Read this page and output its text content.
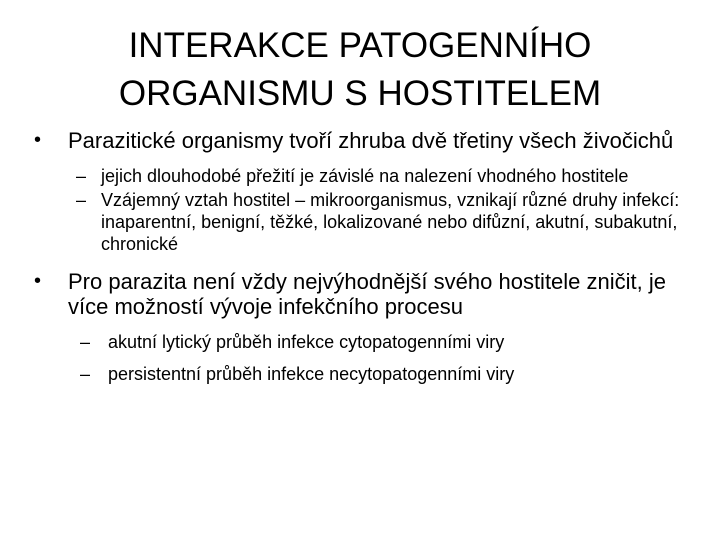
INTERAKCE PATOGENNÍHO
ORGANISMU S HOSTITELEM
• Parazitické organismy tvoří zhruba dvě třetiny všech živočichů
– jejich dlouhodobé přežití je závislé na nalezení vhodného hostitele
– Vzájemný vztah hostitel – mikroorganismus, vznikají různé druhy infekcí: inaparentní, benigní, těžké, lokalizované nebo difůzní, akutní, subakutní, chronické
• Pro parazita není vždy nejvýhodnější svého hostitele zničit, je více možností vývoje infekčního procesu
– akutní lytický průběh infekce cytopatogenními viry
– persistentní průběh infekce necytopatogenními viry
